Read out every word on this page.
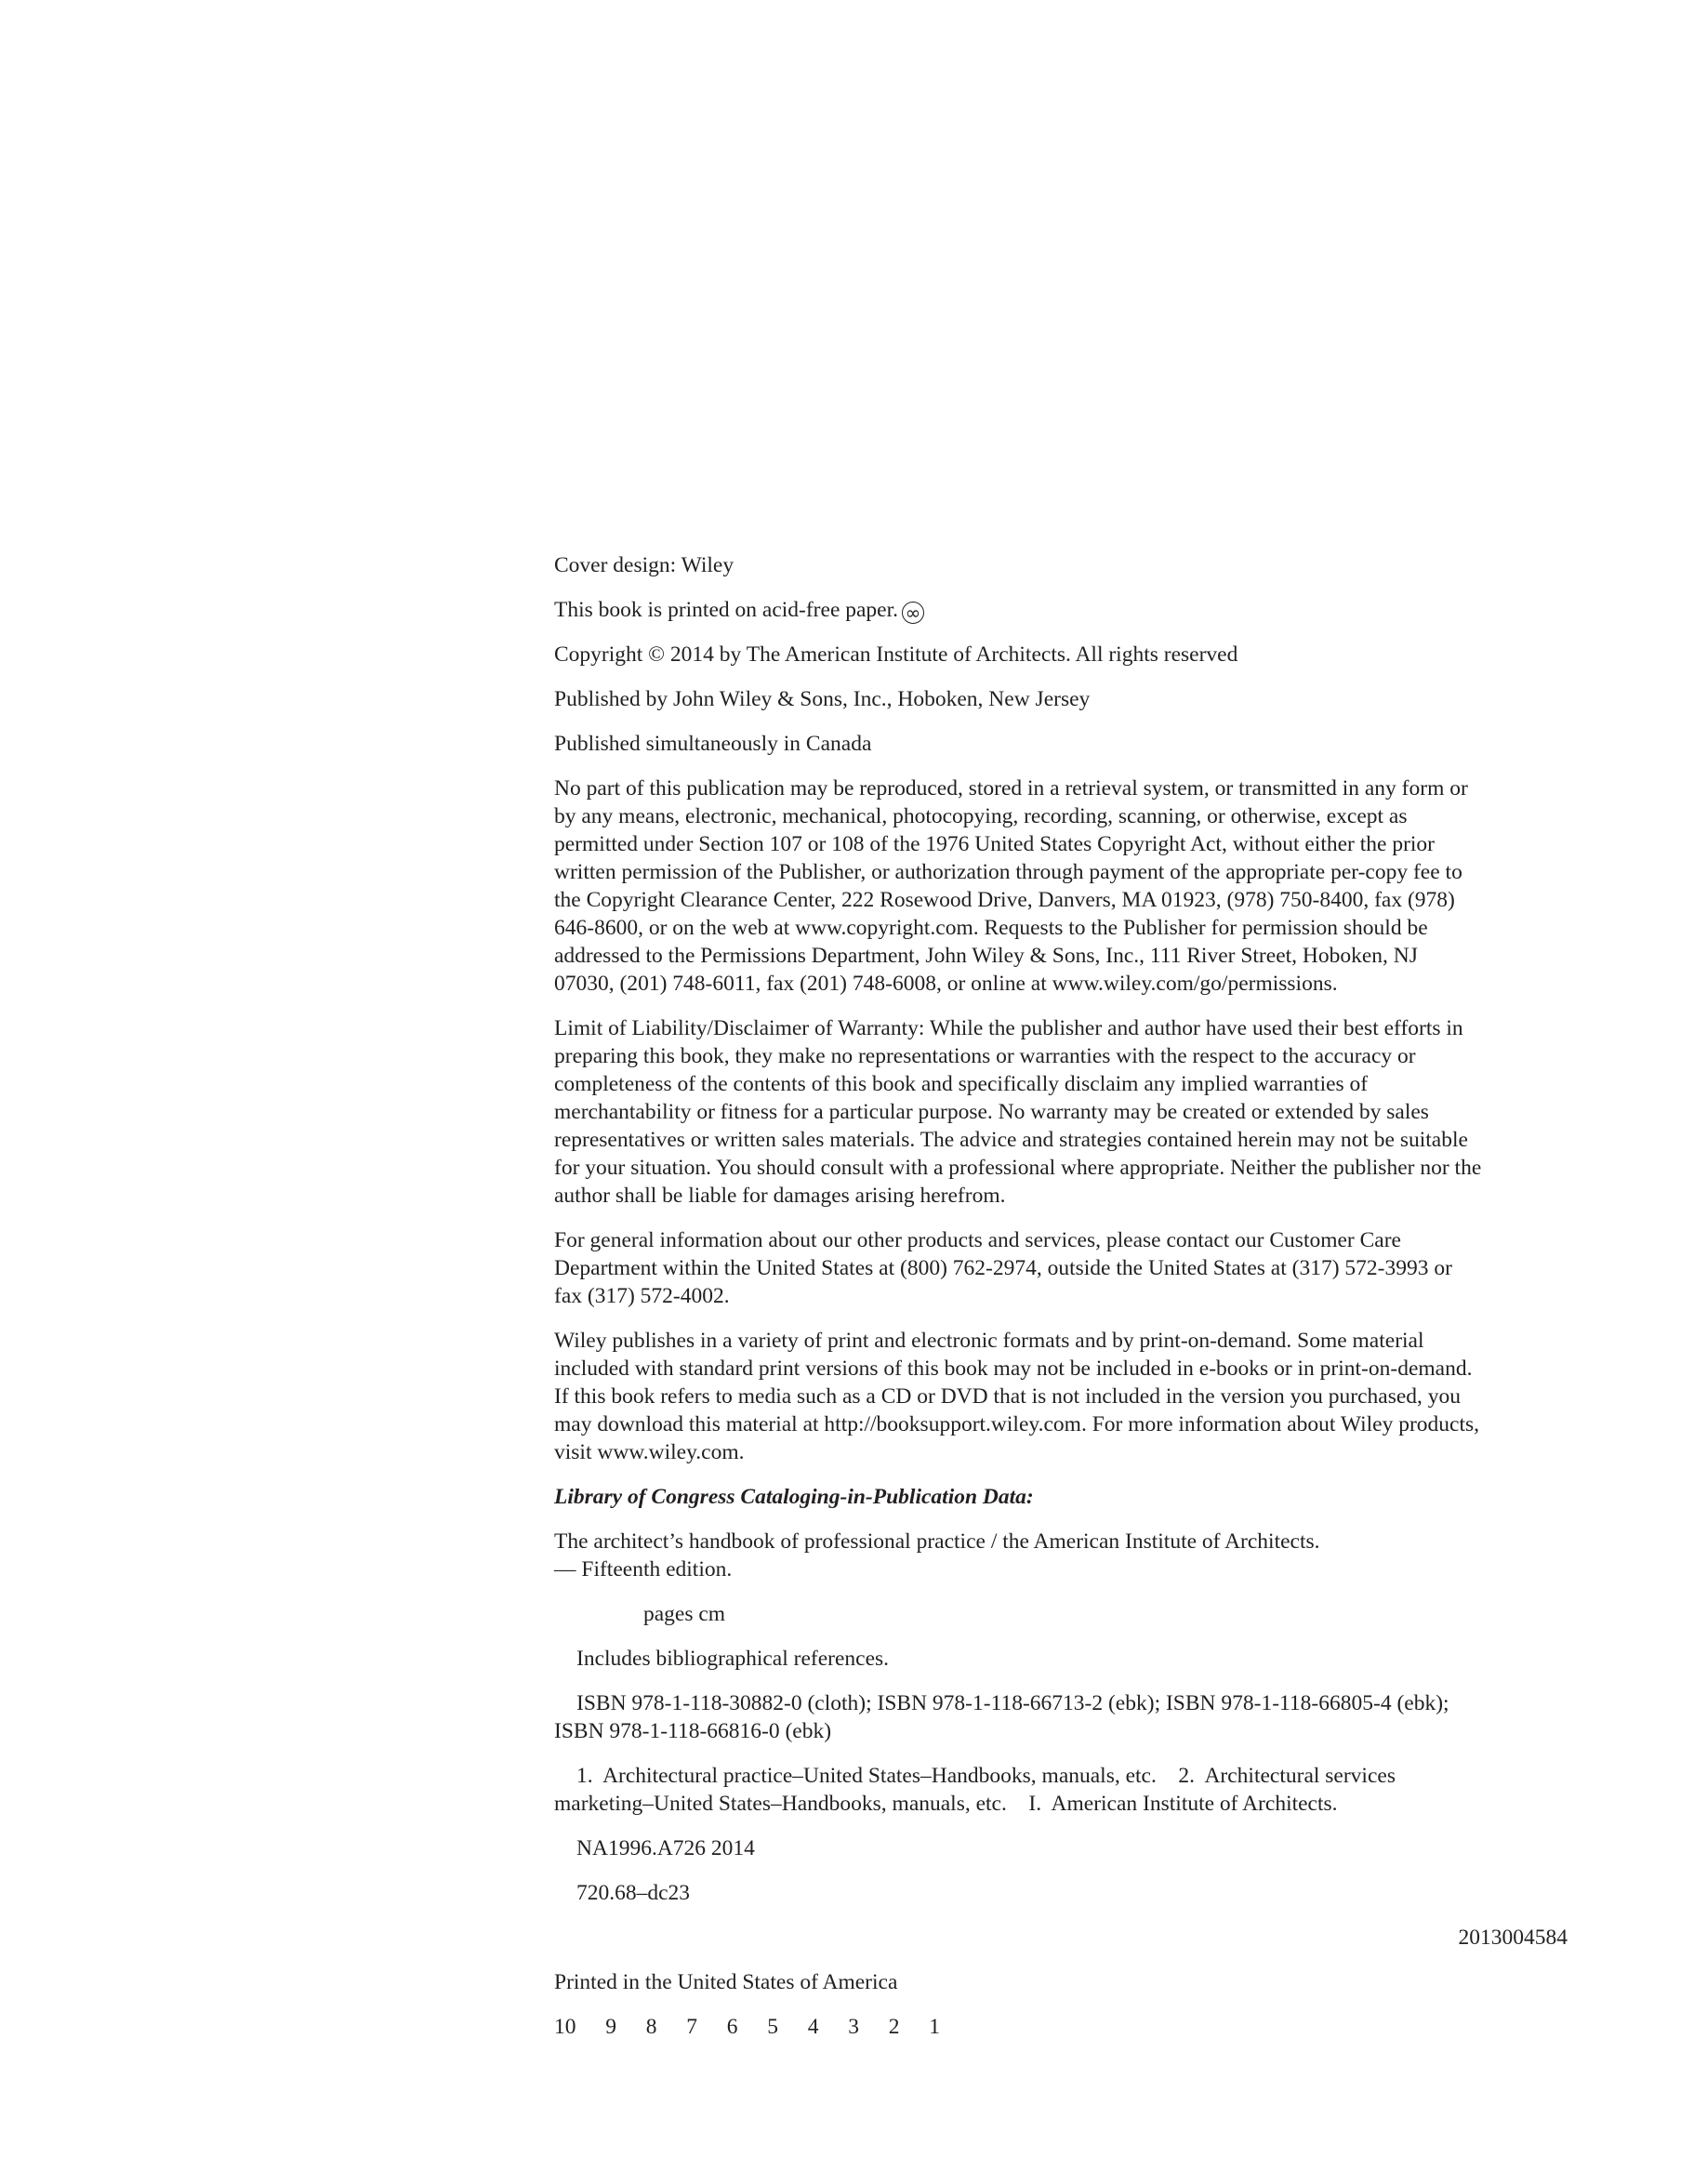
Cover design: Wiley

This book is printed on acid-free paper. ∞

Copyright © 2014 by The American Institute of Architects. All rights reserved

Published by John Wiley & Sons, Inc., Hoboken, New Jersey

Published simultaneously in Canada

No part of this publication may be reproduced, stored in a retrieval system, or transmitted in any form or
by any means, electronic, mechanical, photocopying, recording, scanning, or otherwise, except as
permitted under Section 107 or 108 of the 1976 United States Copyright Act, without either the prior
written permission of the Publisher, or authorization through payment of the appropriate per-copy fee to
the Copyright Clearance Center, 222 Rosewood Drive, Danvers, MA 01923, (978) 750-8400, fax (978)
646-8600, or on the web at www.copyright.com. Requests to the Publisher for permission should be
addressed to the Permissions Department, John Wiley & Sons, Inc., 111 River Street, Hoboken, NJ
07030, (201) 748-6011, fax (201) 748-6008, or online at www.wiley.com/go/permissions.

Limit of Liability/Disclaimer of Warranty: While the publisher and author have used their best efforts in
preparing this book, they make no representations or warranties with the respect to the accuracy or
completeness of the contents of this book and specifically disclaim any implied warranties of
merchantability or fitness for a particular purpose. No warranty may be created or extended by sales
representatives or written sales materials. The advice and strategies contained herein may not be suitable
for your situation. You should consult with a professional where appropriate. Neither the publisher nor the
author shall be liable for damages arising herefrom.

For general information about our other products and services, please contact our Customer Care
Department within the United States at (800) 762-2974, outside the United States at (317) 572-3993 or
fax (317) 572-4002.

Wiley publishes in a variety of print and electronic formats and by print-on-demand. Some material
included with standard print versions of this book may not be included in e-books or in print-on-demand.
If this book refers to media such as a CD or DVD that is not included in the version you purchased, you
may download this material at http://booksupport.wiley.com. For more information about Wiley products,
visit www.wiley.com.

Library of Congress Cataloging-in-Publication Data:

The architect’s handbook of professional practice / the American Institute of Architects.
— Fifteenth edition.

pages cm

Includes bibliographical references.

ISBN 978-1-118-30882-0 (cloth); ISBN 978-1-118-66713-2 (ebk); ISBN 978-1-118-66805-4 (ebk);
ISBN 978-1-118-66816-0 (ebk)

1.  Architectural practice–United States–Handbooks, manuals, etc.    2.  Architectural services
marketing–United States–Handbooks, manuals, etc.    I.  American Institute of Architects.

NA1996.A726 2014

720.68–dc23

2013004584

Printed in the United States of America

10  9  8  7  6  5  4  3  2  1
